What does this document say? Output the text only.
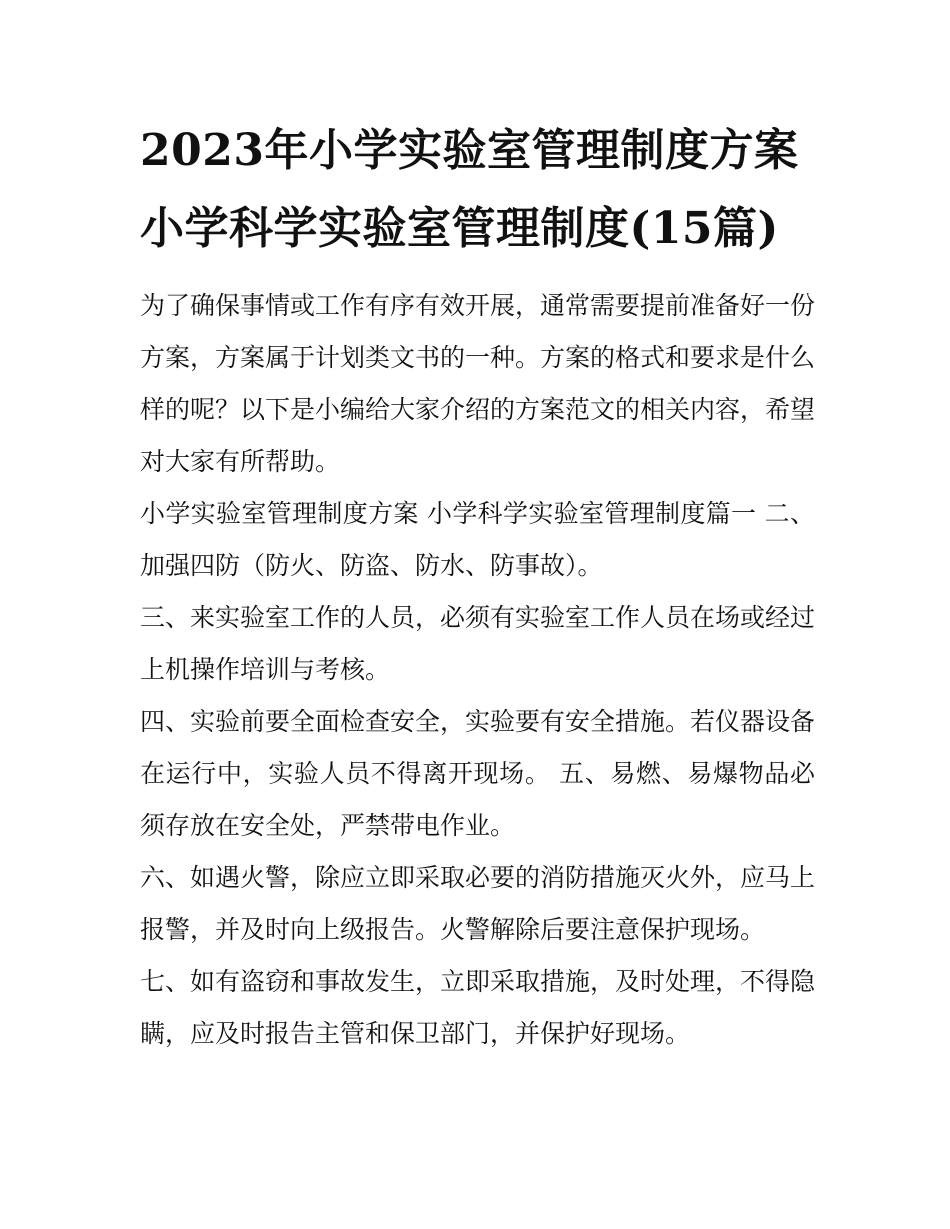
2023年小学实验室管理制度方案 小学科学实验室管理制度(15篇)

为了确保事情或工作有序有效开展，通常需要提前准备好一份方案，方案属于计划类文书的一种。方案的格式和要求是什么样的呢？以下是小编给大家介绍的方案范文的相关内容，希望对大家有所帮助。

小学实验室管理制度方案 小学科学实验室管理制度篇一 二、加强四防（防火、防盗、防水、防事故）。

三、来实验室工作的人员，必须有实验室工作人员在场或经过上机操作培训与考核。

四、实验前要全面检查安全，实验要有安全措施。若仪器设备在运行中，实验人员不得离开现场。 五、易燃、易爆物品必须存放在安全处，严禁带电作业。

六、如遇火警，除应立即采取必要的消防措施灭火外，应马上报警，并及时向上级报告。火警解除后要注意保护现场。

七、如有盗窃和事故发生，立即采取措施，及时处理，不得隐瞒，应及时报告主管和保卫部门，并保护好现场。
